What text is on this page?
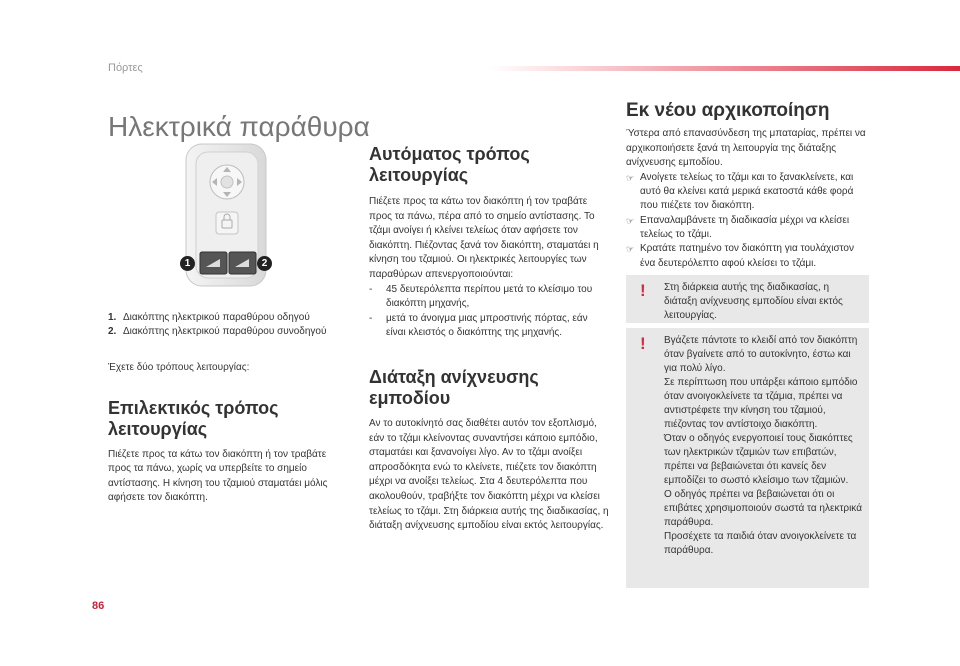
Πόρτες
86
Ηλεκτρικά παράθυρα
1	2
1. Διακόπτης ηλεκτρικού παραθύρου οδηγού
2. Διακόπτης ηλεκτρικού παραθύρου συνοδηγού

Έχετε δύο τρόπους λειτουργίας:

Επιλεκτικός τρόπος λειτουργίας

Πιέζετε προς τα κάτω τον διακόπτη ή τον τραβάτε προς τα πάνω, χωρίς να υπερβείτε το σημείο αντίστασης. Η κίνηση του τζαμιού σταματάει μόλις αφήσετε τον διακόπτη.

Αυτόματος τρόπος λειτουργίας

Πιέζετε προς τα κάτω τον διακόπτη ή τον τραβάτε προς τα πάνω, πέρα από το σημείο αντίστασης. Το τζάμι ανοίγει ή κλείνει τελείως όταν αφήσετε τον διακόπτη. Πιέζοντας ξανά τον διακόπτη, σταματάει η κίνηση του τζαμιού. Οι ηλεκτρικές λειτουργίες των παραθύρων απενεργοποιούνται:

-	45 δευτερόλεπτα περίπου μετά το κλείσιμο του διακόπτη μηχανής,
-	μετά το άνοιγμα μιας μπροστινής πόρτας, εάν είναι κλειστός ο διακόπτης της μηχανής.
Διάταξη ανίχνευσης εμποδίου

Αν το αυτοκίνητό σας διαθέτει αυτόν τον εξοπλισμό, εάν το τζάμι κλείνοντας συναντήσει κάποιο εμπόδιο, σταματάει και ξανανοίγει λίγο. Αν το τζάμι ανοίξει απροσδόκητα ενώ το κλείνετε, πιέζετε τον διακόπτη μέχρι να ανοίξει τελείως. Στα 4 δευτερόλεπτα που ακολουθούν, τραβήξτε τον διακόπτη μέχρι να κλείσει τελείως το τζάμι. Στη διάρκεια αυτής της διαδικασίας, η διάταξη ανίχνευσης εμποδίου είναι εκτός λειτουργίας.

Εκ νέου αρχικοποίηση

Ύστερα από επανασύνδεση της μπαταρίας, πρέπει να αρχικοποιήσετε ξανά τη λειτουργία της διάταξης ανίχνευσης εμποδίου.

☞ Ανοίγετε τελείως το τζάμι και το ξανακλείνετε, και αυτό θα κλείνει κατά μερικά εκατοστά κάθε φορά που πιέζετε τον διακόπτη.
☞ Επαναλαμβάνετε τη διαδικασία μέχρι να κλείσει τελείως το τζάμι.
☞ Κρατάτε πατημένο τον διακόπτη για τουλάχιστον ένα δευτερόλεπτο αφού κλείσει το τζάμι.
! Στη διάρκεια αυτής της διαδικασίας, η διάταξη ανίχνευσης εμποδίου είναι εκτός λειτουργίας.
! Βγάζετε πάντοτε το κλειδί από τον διακόπτη όταν βγαίνετε από το αυτοκίνητο, έστω και για πολύ λίγο.
Σε περίπτωση που υπάρξει κάποιο εμπόδιο όταν ανοιγοκλείνετε τα τζάμια, πρέπει να αντιστρέφετε την κίνηση του τζαμιού, πιέζοντας τον αντίστοιχο διακόπτη.
Όταν ο οδηγός ενεργοποιεί τους διακόπτες των ηλεκτρικών τζαμιών των επιβατών, πρέπει να βεβαιώνεται ότι κανείς δεν εμποδίζει το σωστό κλείσιμο των τζαμιών.
Ο οδηγός πρέπει να βεβαιώνεται ότι οι επιβάτες χρησιμοποιούν σωστά τα ηλεκτρικά παράθυρα.
Προσέχετε τα παιδιά όταν ανοιγοκλείνετε τα παράθυρα.
